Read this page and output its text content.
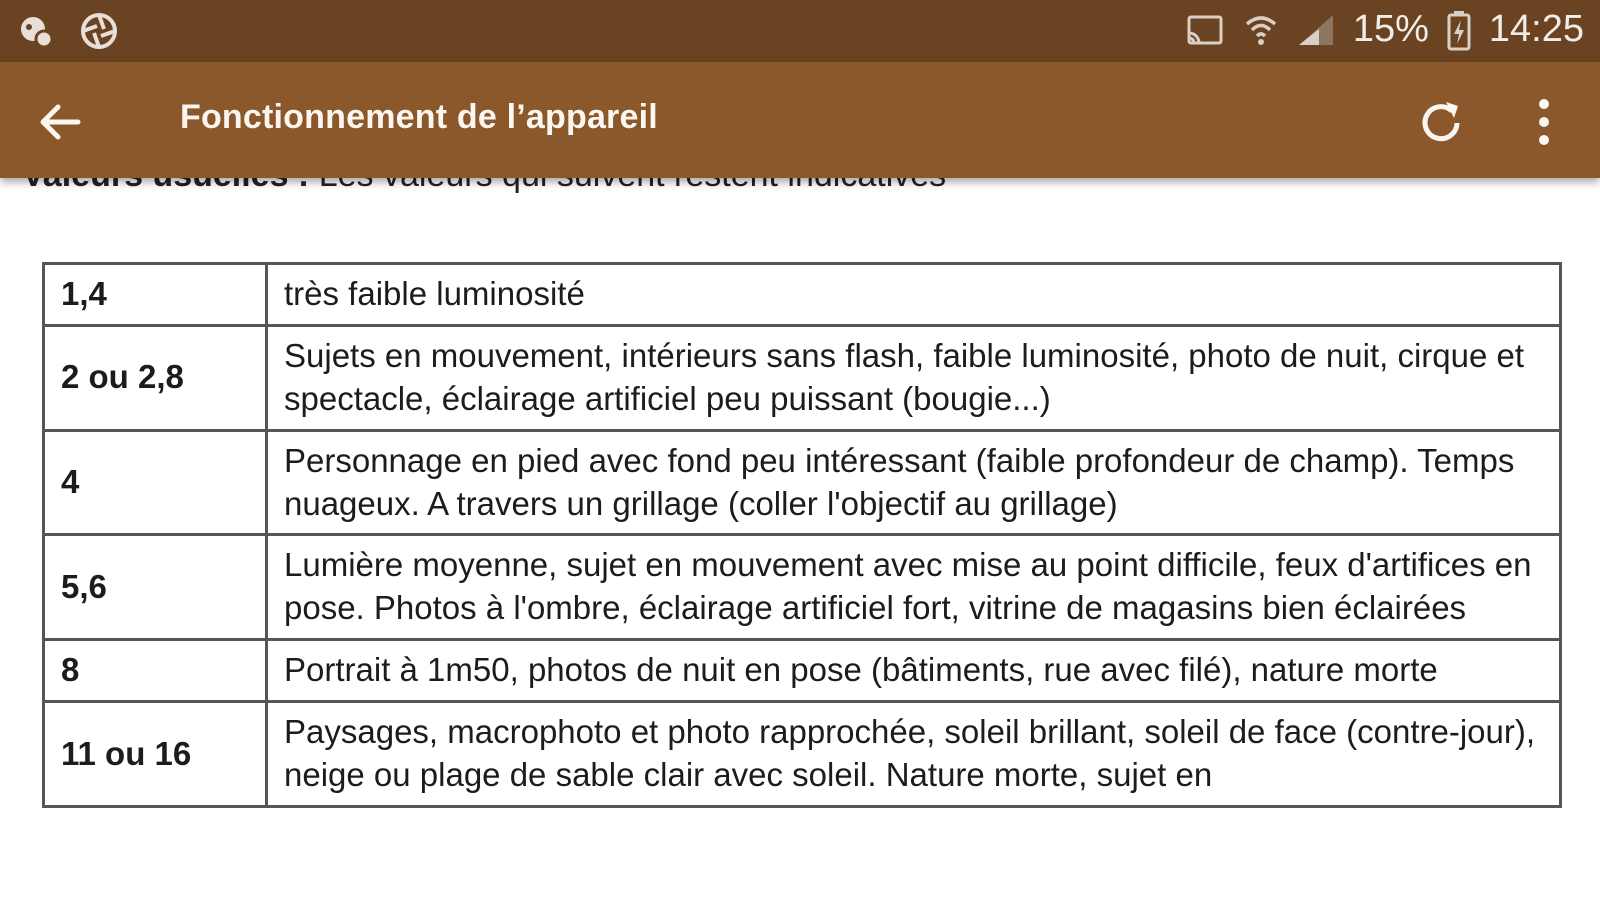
15% 14:25
Fonctionnement de l’appareil
1,4	très faible luminosité
2 ou 2,8	Sujets en mouvement, intérieurs sans flash, faible luminosité, photo de nuit, cirque et spectacle, éclairage artificiel peu puissant (bougie...)
4	Personnage en pied avec fond peu intéressant (faible profondeur de champ). Temps nuageux. A travers un grillage (coller l'objectif au grillage)
5,6	Lumière moyenne, sujet en mouvement avec mise au point difficile, feux d'artifices en pose. Photos à l'ombre, éclairage artificiel fort, vitrine de magasins bien éclairées
8	Portrait à 1m50, photos de nuit en pose (bâtiments, rue avec filé), nature morte
11 ou 16	Paysages, macrophoto et photo rapprochée, soleil brillant, soleil de face (contre-jour), neige ou plage de sable clair avec soleil. Nature morte, sujet en
